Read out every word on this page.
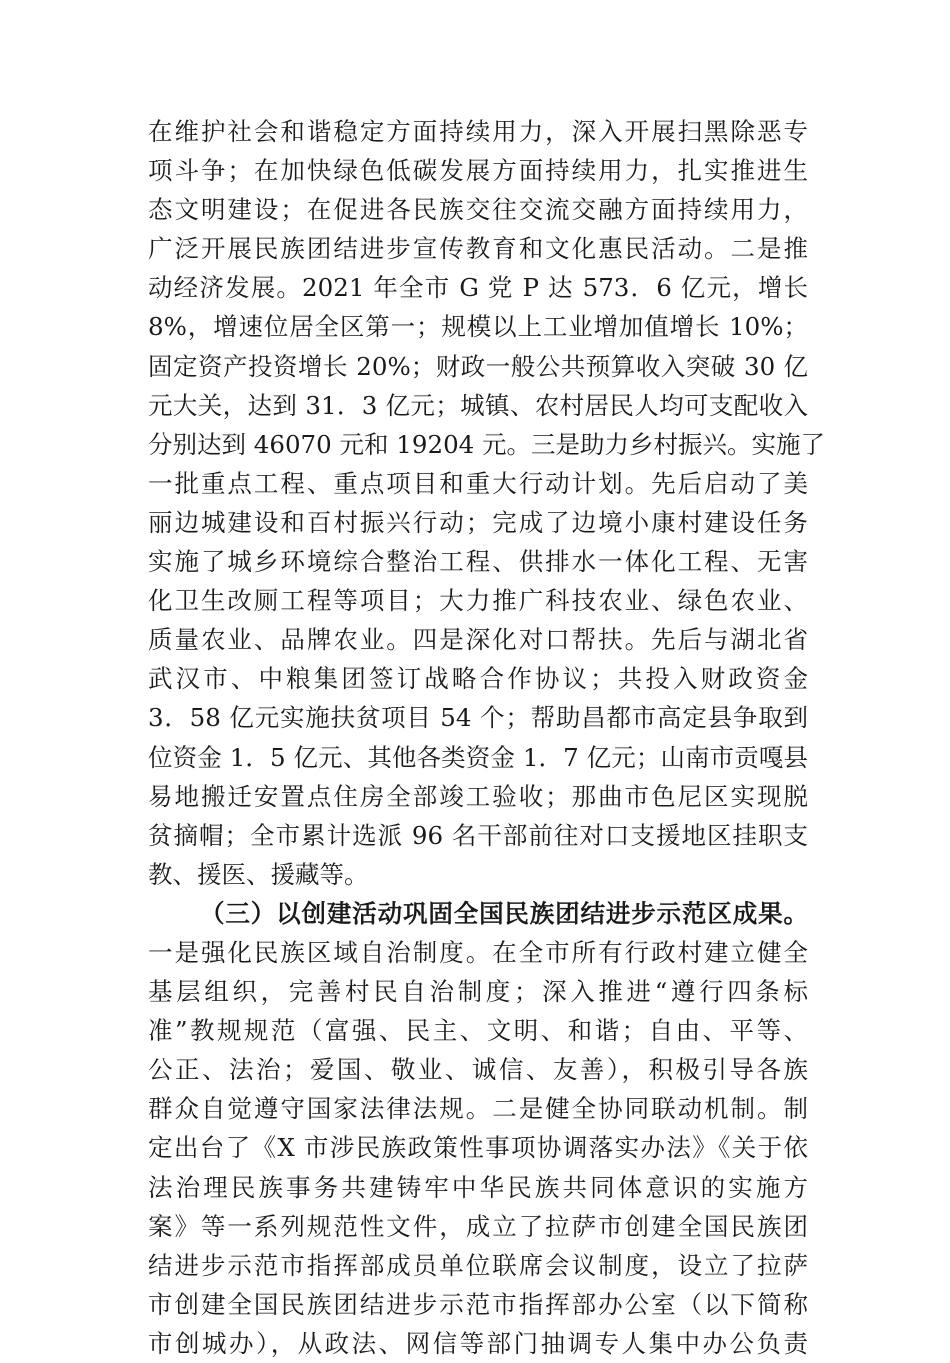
在维护社会和谐稳定方面持续用力，深入开展扫黑除恶专
项斗争；在加快绿色低碳发展方面持续用力，扎实推进生
态文明建设；在促进各民族交往交流交融方面持续用力，
广泛开展民族团结进步宣传教育和文化惠民活动。二是推
动经济发展。2021 年全市 G 党 P 达 573．6 亿元，增长
8%，增速位居全区第一；规模以上工业增加值增长 10%；
固定资产投资增长 20%；财政一般公共预算收入突破 30 亿
元大关，达到 31．3 亿元；城镇、农村居民人均可支配收入
分别达到 46070 元和 19204 元。三是助力乡村振兴。实施了
一批重点工程、重点项目和重大行动计划。先后启动了美
丽边城建设和百村振兴行动；完成了边境小康村建设任务
实施了城乡环境综合整治工程、供排水一体化工程、无害
化卫生改厕工程等项目；大力推广科技农业、绿色农业、
质量农业、品牌农业。四是深化对口帮扶。先后与湖北省
武汉市、中粮集团签订战略合作协议；共投入财政资金
3．58 亿元实施扶贫项目 54 个；帮助昌都市高定县争取到
位资金 1．5 亿元、其他各类资金 1．7 亿元；山南市贡嘎县
易地搬迁安置点住房全部竣工验收；那曲市色尼区实现脱
贫摘帽；全市累计选派 96 名干部前往对口支援地区挂职支
教、援医、援藏等。
（三）以创建活动巩固全国民族团结进步示范区成果。
一是强化民族区域自治制度。在全市所有行政村建立健全
基层组织，完善村民自治制度；深入推进“遵行四条标
准”教规规范（富强、民主、文明、和谐；自由、平等、
公正、法治；爱国、敬业、诚信、友善），积极引导各族
群众自觉遵守国家法律法规。二是健全协同联动机制。制
定出台了《X 市涉民族政策性事项协调落实办法》《关于依
法治理民族事务共建铸牢中华民族共同体意识的实施方
案》等一系列规范性文件，成立了拉萨市创建全国民族团
结进步示范市指挥部成员单位联席会议制度，设立了拉萨
市创建全国民族团结进步示范市指挥部办公室（以下简称
市创城办），从政法、网信等部门抽调专人集中办公负责
